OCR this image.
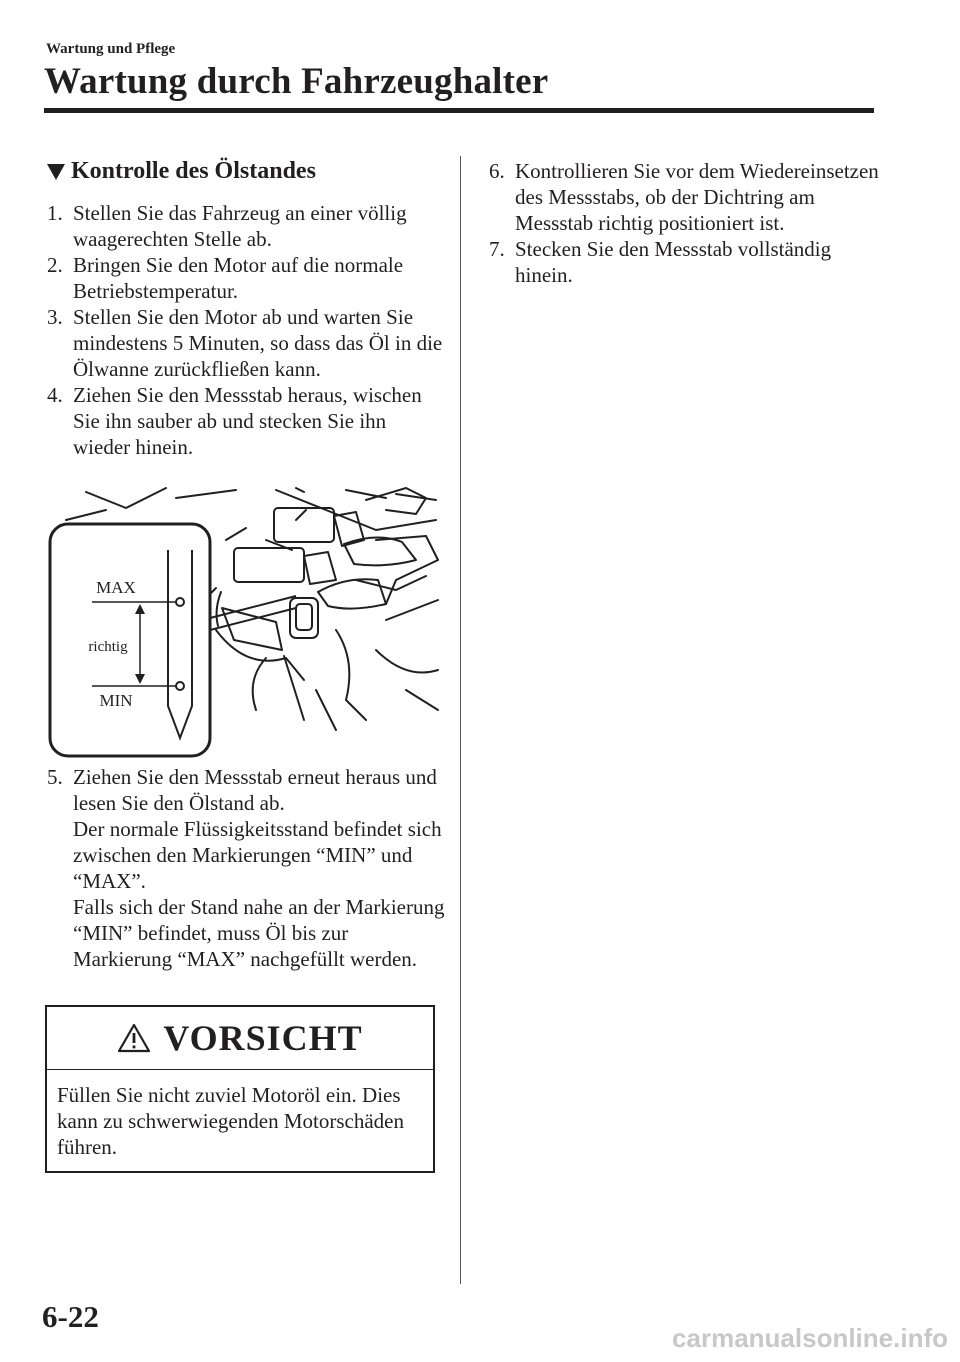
Wartung und Pflege
Wartung durch Fahrzeughalter
Kontrolle des Ölstandes
1. Stellen Sie das Fahrzeug an einer völlig waagerechten Stelle ab.
2. Bringen Sie den Motor auf die normale Betriebstemperatur.
3. Stellen Sie den Motor ab und warten Sie mindestens 5 Minuten, so dass das Öl in die Ölwanne zurückfließen kann.
4. Ziehen Sie den Messstab heraus, wischen Sie ihn sauber ab und stecken Sie ihn wieder hinein.
MAX
richtig
MIN
5. Ziehen Sie den Messstab erneut heraus und lesen Sie den Ölstand ab.
Der normale Flüssigkeitsstand befindet sich zwischen den Markierungen “MIN” und “MAX”.
Falls sich der Stand nahe an der Markierung “MIN” befindet, muss Öl bis zur Markierung “MAX” nachgefüllt werden.
VORSICHT
Füllen Sie nicht zuviel Motoröl ein. Dies kann zu schwerwiegenden Motorschäden führen.
6. Kontrollieren Sie vor dem Wiedereinsetzen des Messstabs, ob der Dichtring am Messstab richtig positioniert ist.
7. Stecken Sie den Messstab vollständig hinein.
6-22
carmanualsonline.info
